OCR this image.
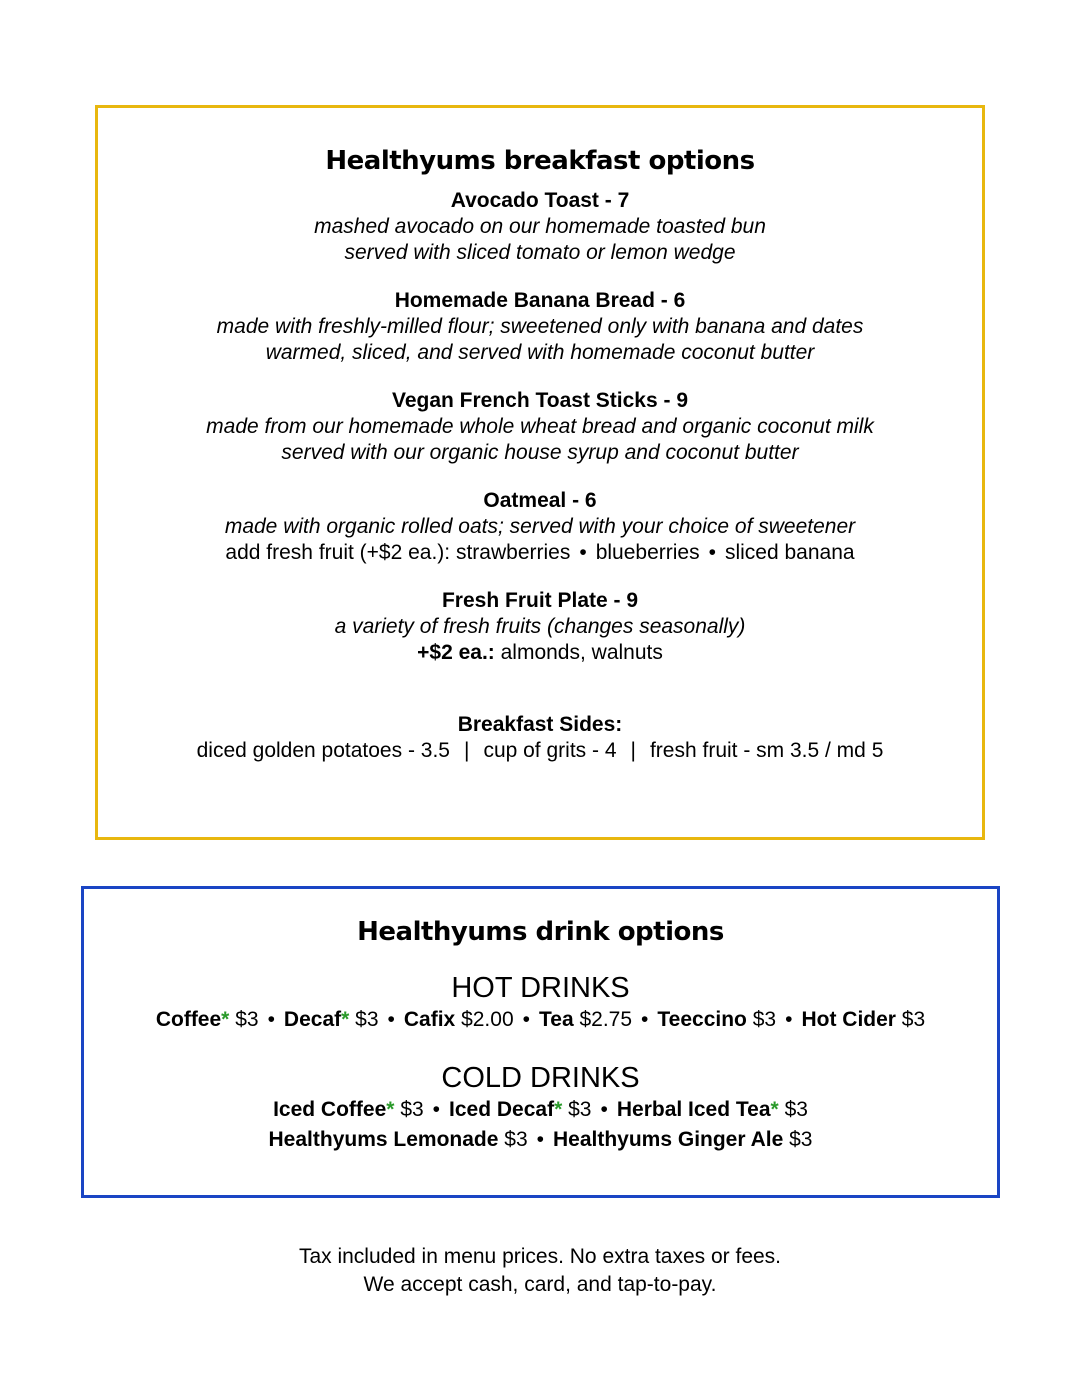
Healthyums breakfast options
Avocado Toast - 7
mashed avocado on our homemade toasted bun
served with sliced tomato or lemon wedge
Homemade Banana Bread - 6
made with freshly-milled flour; sweetened only with banana and dates
warmed, sliced, and served with homemade coconut butter
Vegan French Toast Sticks - 9
made from our homemade whole wheat bread and organic coconut milk
served with our organic house syrup and coconut butter
Oatmeal - 6
made with organic rolled oats; served with your choice of sweetener
add fresh fruit (+$2 ea.): strawberries • blueberries • sliced banana
Fresh Fruit Plate - 9
a variety of fresh fruits (changes seasonally)
+$2 ea.: almonds, walnuts
Breakfast Sides:
diced golden potatoes - 3.5 | cup of grits - 4 | fresh fruit - sm 3.5 / md 5
Healthyums drink options
HOT DRINKS
Coffee* $3 • Decaf* $3 • Cafix $2.00 • Tea $2.75 • Teeccino $3 • Hot Cider $3
COLD DRINKS
Iced Coffee* $3 • Iced Decaf* $3 • Herbal Iced Tea* $3
Healthyums Lemonade $3 • Healthyums Ginger Ale $3
Tax included in menu prices. No extra taxes or fees.
We accept cash, card, and tap-to-pay.
